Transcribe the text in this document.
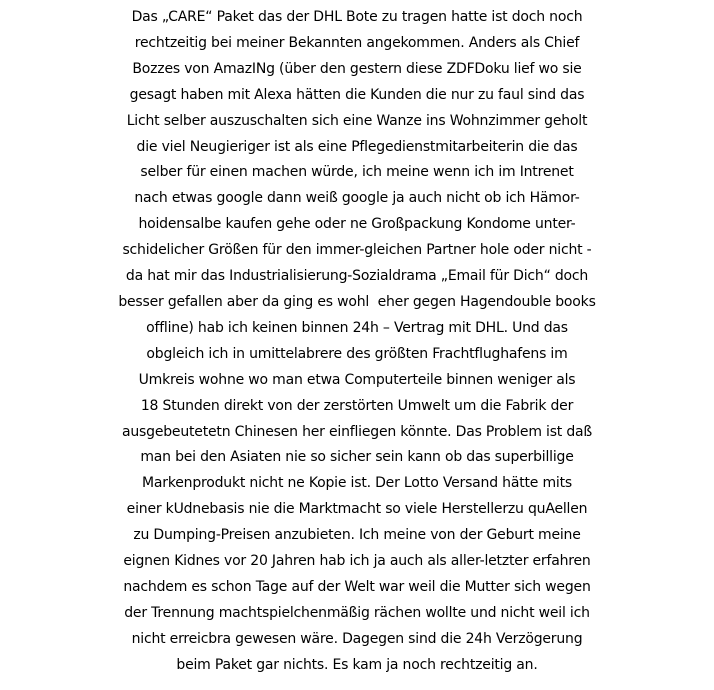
Das „CARE“ Paket das der DHL Bote zu tragen hatte ist doch noch
rechtzeitig bei meiner Bekannten angekommen. Anders als Chief
Bozzes von AmazINg (über den gestern diese ZDFDoku lief wo sie
gesagt haben mit Alexa hätten die Kunden die nur zu faul sind das
Licht selber auszuschalten sich eine Wanze ins Wohnzimmer geholt
die viel Neugieriger ist als eine Pflegedienstmitarbeiterin die das
selber für einen machen würde, ich meine wenn ich im Intrenet
nach etwas google dann weiß google ja auch nicht ob ich Hämor-
hoidensalbe kaufen gehe oder ne Großpackung Kondome unter-
schidelicher Größen für den immer-gleichen Partner hole oder nicht -
da hat mir das Industrialisierung-Sozialdrama „Email für Dich“ doch
besser gefallen aber da ging es wohl  eher gegen Hagendouble books
offline) hab ich keinen binnen 24h – Vertrag mit DHL. Und das
obgleich ich in umittelabrere des größten Frachtflughafens im
Umkreis wohne wo man etwa Computerteile binnen weniger als
18 Stunden direkt von der zerstörten Umwelt um die Fabrik der
ausgebeutetetn Chinesen her einfliegen könnte. Das Problem ist daß
man bei den Asiaten nie so sicher sein kann ob das superbillige
Markenprodukt nicht ne Kopie ist. Der Lotto Versand hätte mits
einer kUdnebasis nie die Marktmacht so viele Herstellerzu quAellen
zu Dumping-Preisen anzubieten. Ich meine von der Geburt meine
eignen Kidnes vor 20 Jahren hab ich ja auch als aller-letzter erfahren
nachdem es schon Tage auf der Welt war weil die Mutter sich wegen
der Trennung machtspielchenmäßig rächen wollte und nicht weil ich
nicht erreicbra gewesen wäre. Dagegen sind die 24h Verzögerung
beim Paket gar nichts. Es kam ja noch rechtzeitig an.
